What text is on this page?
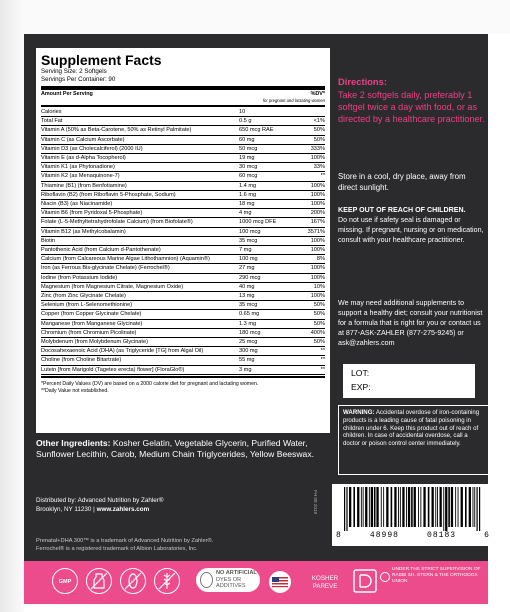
Supplement Facts
Serving Size: 2 Softgels
Servings Per Container: 90
Amount Per Serving	%DV*
for pregnant and lactating women
Calories	10
Total Fat	0.5 g	<1%
Vitamin A (50% as Beta-Carotene, 50% as Retinyl Palmitate)	650 mcg RAE	50%
Vitamin C (as Calcium Ascorbate)	60 mg	50%
Vitamin D3 (as Cholecalciferol) (2000 IU)	50 mcg	333%
Vitamin E (as d-Alpha Tocopherol)	19 mg	100%
Vitamin K1 (as Phytonadione)	30 mcg	33%
Vitamin K2 (as Menaquinone-7)	60 mcg	**
Thiamine (B1) (from Benfotiamine)	1.4 mg	100%
Riboflavin (B2) (from Riboflavin 5-Phosphate, Sodium)	1.6 mg	100%
Niacin (B3) (as Niacinamide)	18 mg	100%
Vitamin B6 (from Pyridoxal 5-Phosphate)	4 mg	200%
Folate (L-5-Methyltetrahydrofolate Calcium) (from Biofolate®)	1000 mcg DFE	167%
Vitamin B12 (as Methylcobalamin)	100 mcg	3571%
Biotin	35 mcg	100%
Pantothenic Acid (from Calcium d-Pantothenate)	7 mg	100%
Calcium (from Calcareous Marine Algae Lithothamnion) (Aquamin®)	100 mg	8%
Iron (as Ferrous Bis-glycinate Chelate) (Ferrochel®)	27 mg	100%
Iodine (from Potassium Iodide)	290 mcg	100%
Magnesium (from Magnesium Citrate, Magnesium Oxide)	40 mg	10%
Zinc (from Zinc Glycinate Chelate)	13 mg	100%
Selenium (from L-Selenomethionine)	35 mcg	50%
Copper (from Copper Glycinate Chelate)	0.65 mg	50%
Manganese (from Manganese Glycinate)	1.3 mg	50%
Chromium (from Chromium Picolinate)	180 mcg	400%
Molybdenum (from Molybdenum Glycinate)	25 mcg	50%
Docosahexaenoic Acid (DHA) (as Triglyceride [TG] from Algal Oil)	300 mg	**
Choline (from Choline Bitartrate)	55 mg	**
Lutein [from Marigold (Tagetes erecta) flower] (FloraGlo®)	3 mg	**
*Percent Daily Values (DV) are based on a 2000 calorie diet for pregnant and lactating women.
**Daily Value not established.
Other Ingredients: Kosher Gelatin, Vegetable Glycerin, Purified Water, Sunflower Lecithin, Carob, Medium Chain Triglycerides, Yellow Beeswax.
Distributed by: Advanced Nutrition by Zahler®
Brooklyn, NY 11230 | www.zahlers.com
Prenatal+DHA 300™ is a trademark of Advanced Nutrition by Zahler®.
Ferrochel® is a registered trademark of Albion Laboratories, Inc.
Directions:
Take 2 softgels daily, preferably 1 softgel twice a day with food, or as directed by a healthcare practitioner.
Store in a cool, dry place, away from direct sunlight.
KEEP OUT OF REACH OF CHILDREN.
Do not use if safety seal is damaged or missing. If pregnant, nursing or on medication, consult with your healthcare practitioner.
We may need additional supplements to support a healthy diet; consult your nutritionist for a formula that is right for you or contact us at 877-ASK-ZAHLER (877-275-9245) or ask@zahlers.com
LOT:
EXP:
WARNING: Accidental overdose of iron-containing products is a leading cause of fatal poisoning in children under 6. Keep this product out of reach of children. In case of accidental overdose, call a doctor or poison control center immediately.
FH 08 2019
8	48998	08183	6
GMP
NO ARTIFICIAL
DYES OR ADDITIVES
KOSHER
PAREVE
UNDER THE STRICT SUPERVISION OF RABBI SH. STERN & THE ORTHODOX UNION
